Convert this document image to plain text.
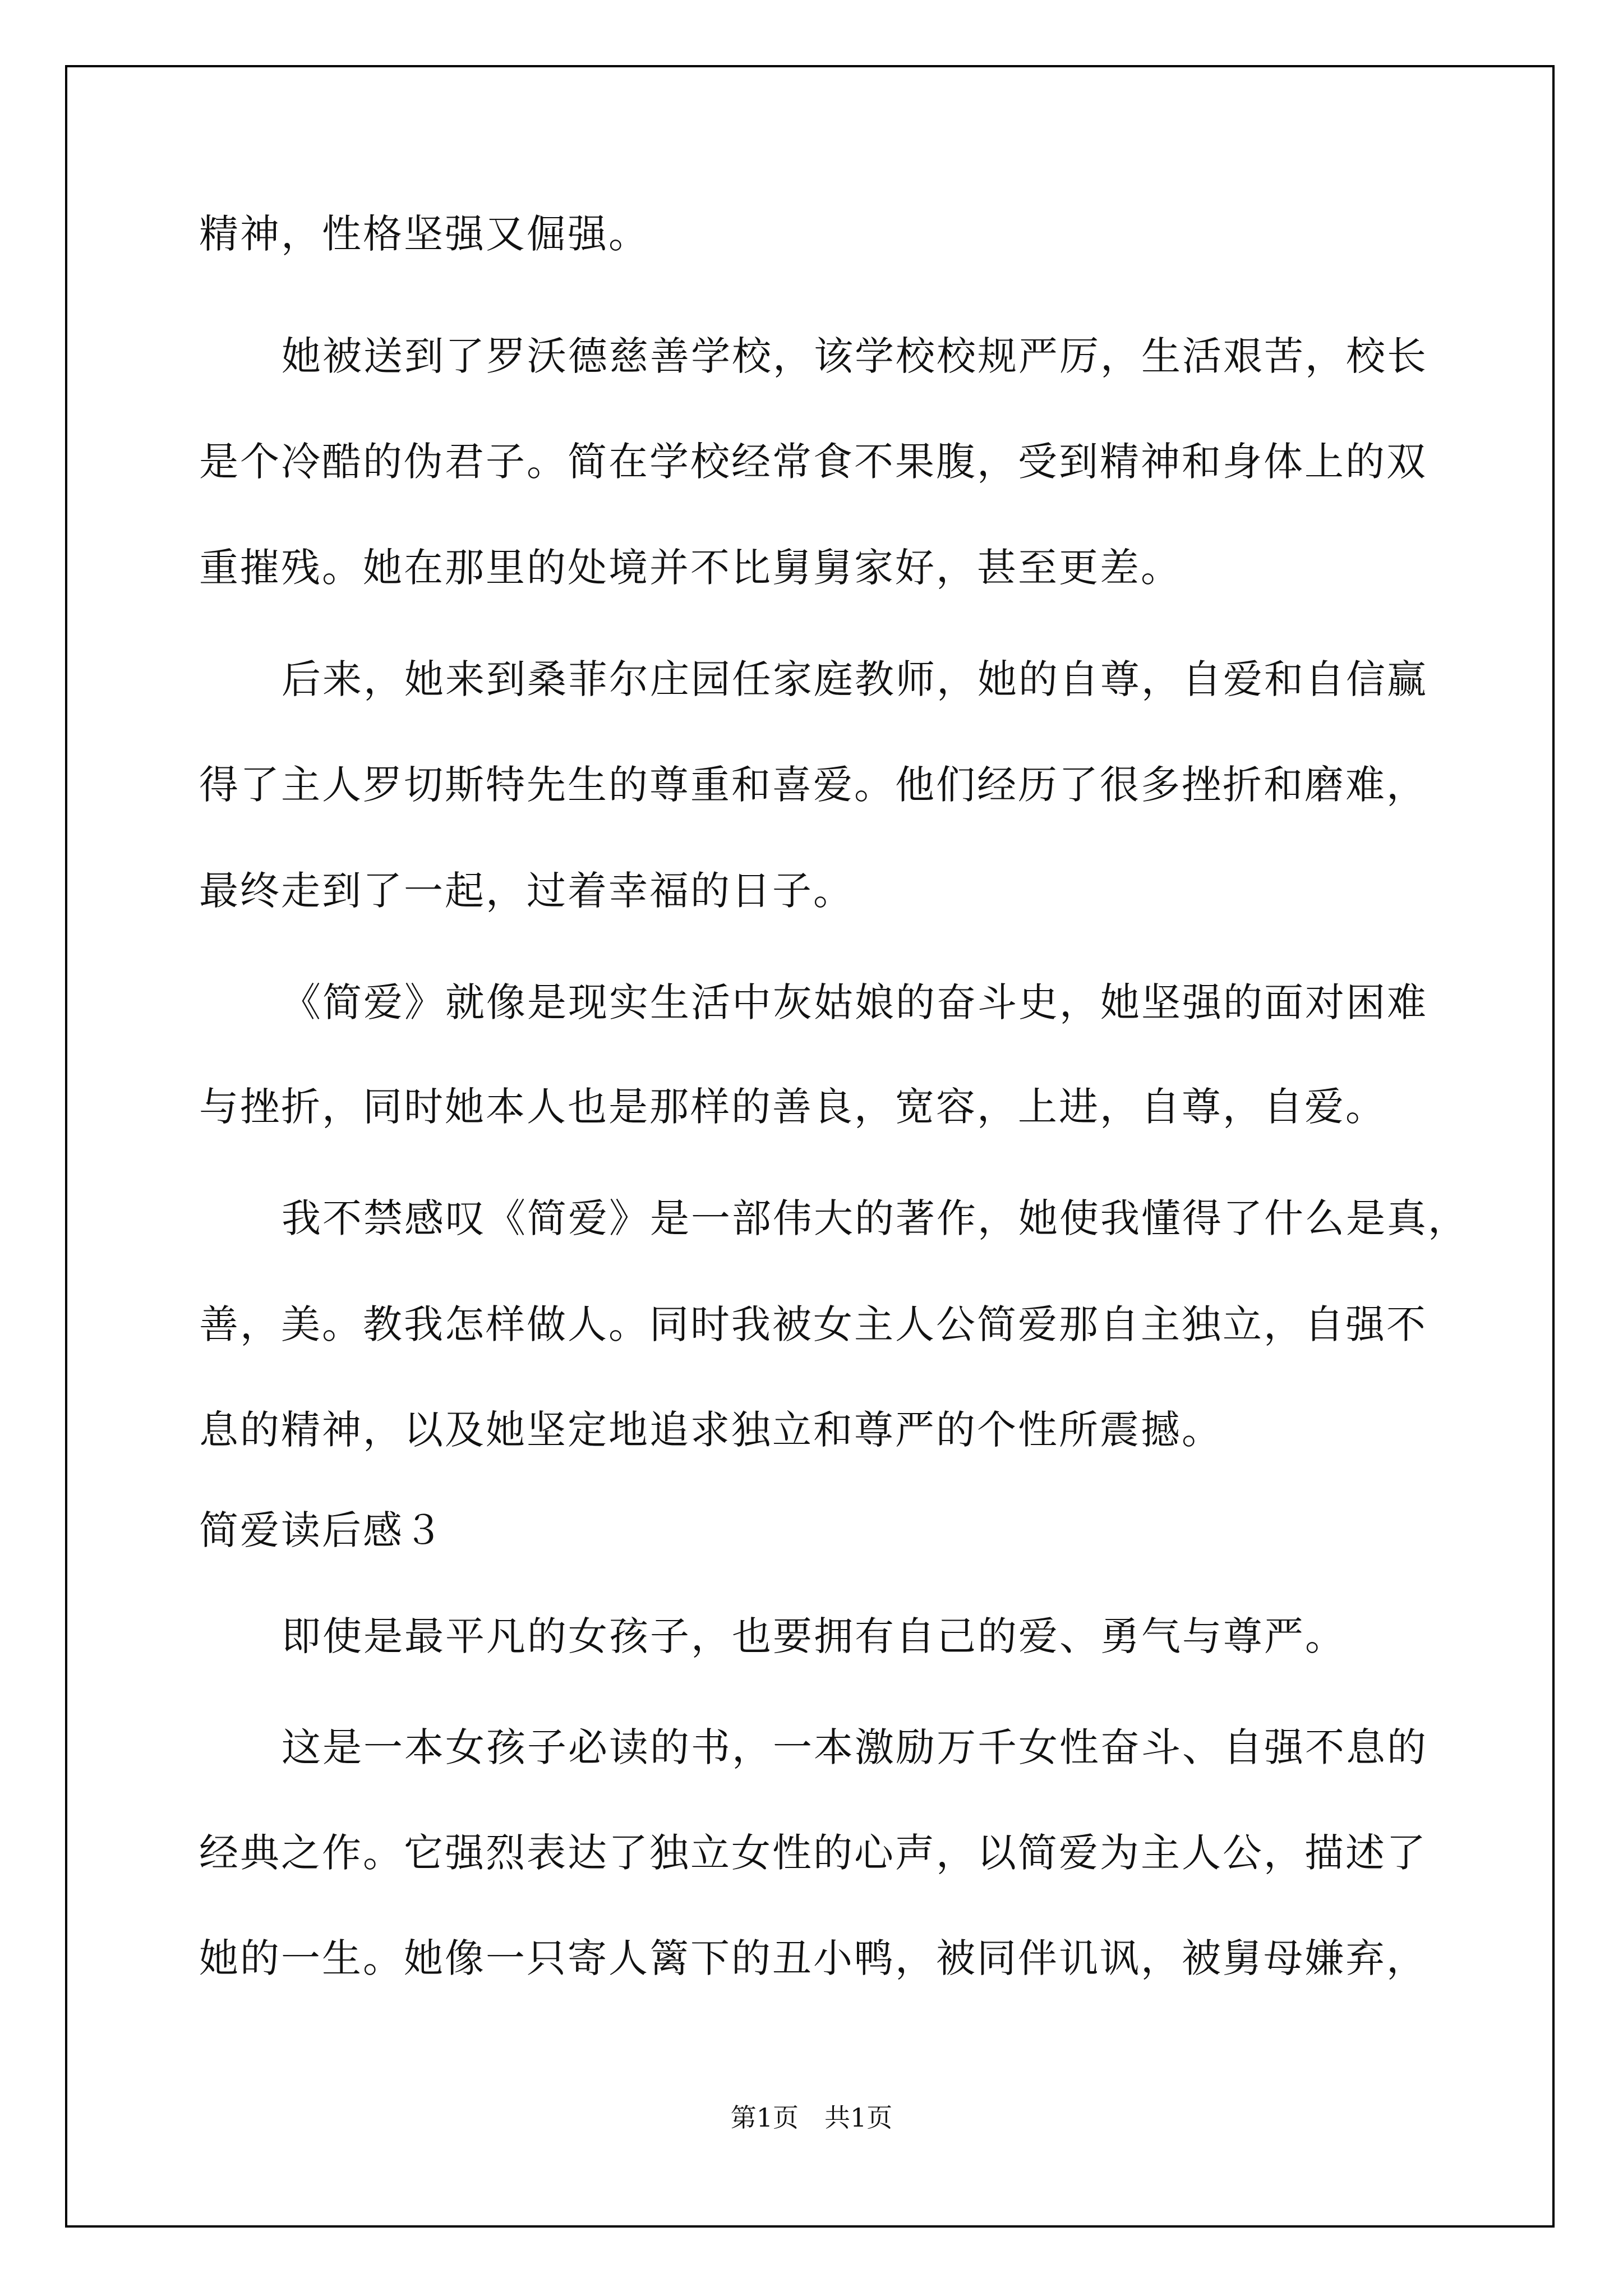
精神，性格坚强又倔强。
她被送到了罗沃德慈善学校，该学校校规严厉，生活艰苦，校长
是个冷酷的伪君子。简在学校经常食不果腹，受到精神和身体上的双
重摧残。她在那里的处境并不比舅舅家好，甚至更差。
后来，她来到桑菲尔庄园任家庭教师，她的自尊，自爱和自信赢
得了主人罗切斯特先生的尊重和喜爱。他们经历了很多挫折和磨难，
最终走到了一起，过着幸福的日子。
《简爱》就像是现实生活中灰姑娘的奋斗史，她坚强的面对困难
与挫折，同时她本人也是那样的善良，宽容，上进，自尊，自爱。
我不禁感叹《简爱》是一部伟大的著作，她使我懂得了什么是真，
善，美。教我怎样做人。同时我被女主人公简爱那自主独立，自强不
息的精神，以及她坚定地追求独立和尊严的个性所震撼。
简爱读后感３
即使是最平凡的女孩子，也要拥有自己的爱、勇气与尊严。
这是一本女孩子必读的书，一本激励万千女性奋斗、自强不息的
经典之作。它强烈表达了独立女性的心声，以简爱为主人公，描述了
她的一生。她像一只寄人篱下的丑小鸭，被同伴讥讽，被舅母嫌弃，
第1页　共1页
